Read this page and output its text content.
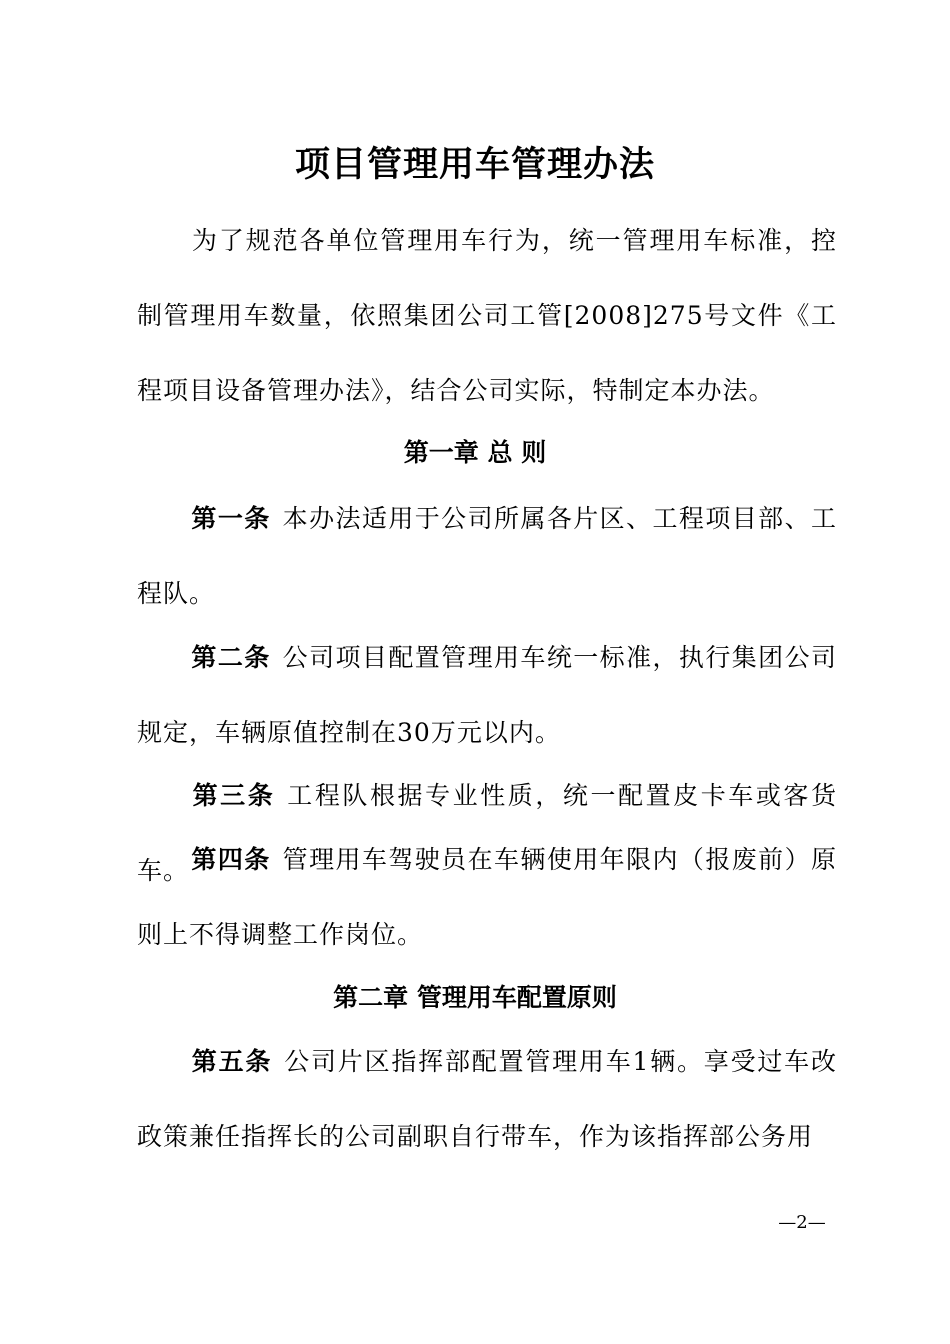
项目管理用车管理办法

为了规范各单位管理用车行为，统一管理用车标准，控制管理用车数量，依照集团公司工管[2008]275号文件《工程项目设备管理办法》，结合公司实际，特制定本办法。

第一章 总 则

第一条 本办法适用于公司所属各片区、工程项目部、工程队。

第二条 公司项目配置管理用车统一标准，执行集团公司规定，车辆原值控制在30万元以内。

第三条 工程队根据专业性质，统一配置皮卡车或客货车。 第四条 管理用车驾驶员在车辆使用年限内（报废前）原则上不得调整工作岗位。

第二章 管理用车配置原则

第五条 公司片区指挥部配置管理用车1辆。享受过车改政策兼任指挥长的公司副职自行带车，作为该指挥部公务用

—2—
